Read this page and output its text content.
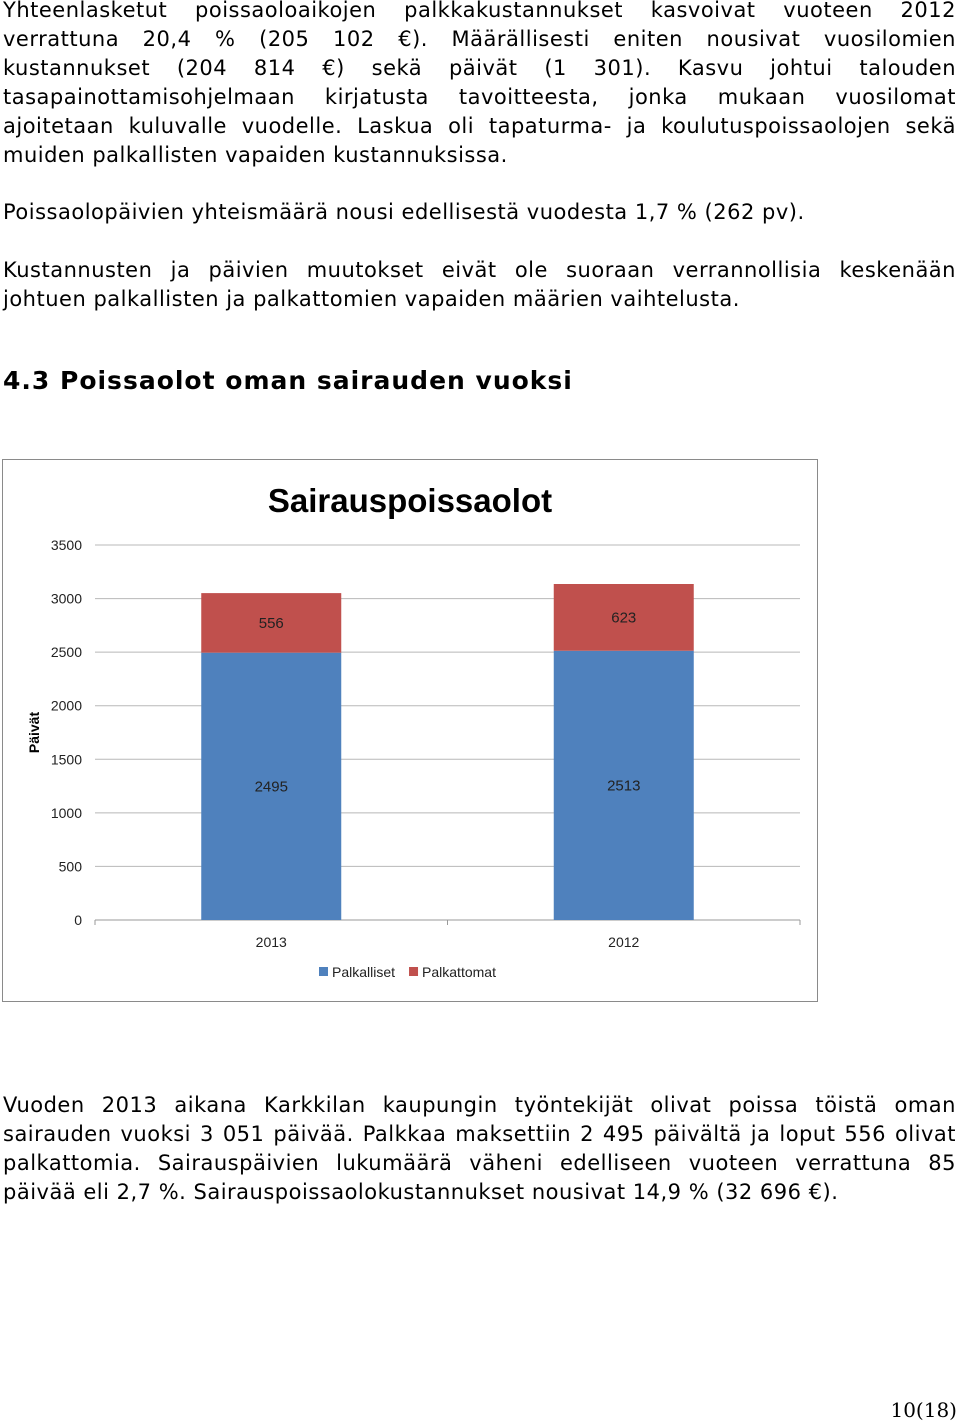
Yhteenlasketut poissaoloaikojen palkkakustannukset kasvoivat vuoteen 2012 verrattuna 20,4 % (205 102 €). Määrällisesti eniten nousivat vuosilomien kustannukset (204 814 €) sekä päivät (1 301). Kasvu johtui talouden tasapainottamisohjelmaan kirjatusta tavoitteesta, jonka mukaan vuosilomat ajoitetaan kuluvalle vuodelle. Laskua oli tapaturma- ja koulutuspoissaolojen sekä muiden palkallisten vapaiden kustannuksissa.

Poissaolopäivien yhteismäärä nousi edellisestä vuodesta 1,7 % (262 pv).

Kustannusten ja päivien muutokset eivät ole suoraan verrannollisia keskenään johtuen palkallisten ja palkattomien vapaiden määrien vaihtelusta.

4.3 Poissaolot oman sairauden vuoksi
Sairauspoissaolot
0
500
1000
1500
2000
2500
3000
3500
Päivät
2495
556
2013
2513
623
2012
Palkalliset Palkattomat

Vuoden 2013 aikana Karkkilan kaupungin työntekijät olivat poissa töistä oman sairauden vuoksi 3 051 päivää. Palkkaa maksettiin 2 495 päivältä ja loput 556 olivat palkattomia. Sairauspäivien lukumäärä väheni edelliseen vuoteen verrattuna 85 päivää eli 2,7 %. Sairauspoissaolokustannukset nousivat 14,9 % (32 696 €).

10(18)
